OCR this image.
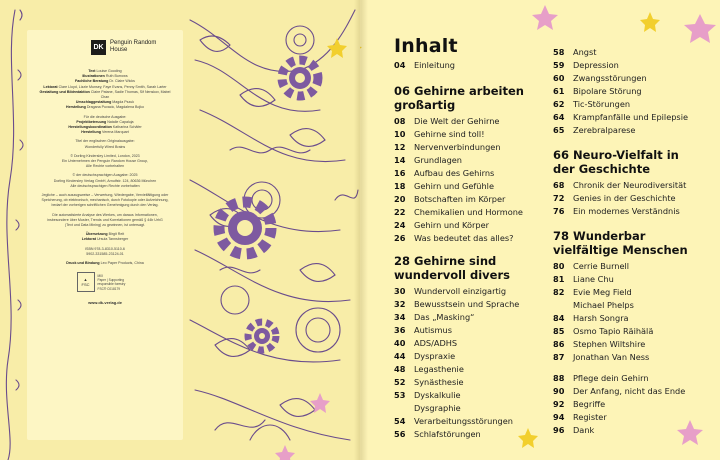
DK
Penguin Random House
Text Louise Gooding
Illustrationen Ruth Burrows
Fachliche Beratung Dr. Claire Wicks
Lektorat Clare Lloyd, Lizzie Munsey, Faye Evans, Penny Smith, Sarah Larter
Gestaltung und Bildredaktion Claire Patane, Sadie Thomas, Sif Nenskov, Mabel Chan
Umschlaggestaltung Magda Pszuk
Herstellung Dragana Puvacic, Magdalena Bojko
Für die deutsche Ausgabe:
Projektbetreuung Natalie Capaluja
Herstellungskoordination Katharina Schäfer
Herstellung Verena Marquart
Titel der englischen Originalausgabe:
Wonderfully Wired Brains
© Dorling Kindersley Limited, London, 2023
Ein Unternehmen der Penguin Random House Group,
Alle Rechte vorbehalten
© der deutschsprachigen Ausgabe: 2025
Dorling Kindersley Verlag GmbH, Arnulfstr. 124, 80636 München
Alle deutschsprachigen Rechte vorbehalten
Jegliche – auch auszugsweise – Verwertung, Wiedergabe, Vervielfältigung oder
Speicherung, ob elektronisch, mechanisch, durch Fotokopie oder Aufzeichnung,
bedarf der vorherigen schriftlichen Genehmigung durch den Verlag.
Die automatisierte Analyse des Werkes, um daraus Informationen,
insbesondere über Muster, Trends und Korrelationen gemäß § 44b UrhG
(Text und Data Mining) zu gewinnen, ist untersagt.
Übersetzung Birgit Reit
Lektorat Ursula Tannsberger
ISBN 978-3-8310-5110-6
5902-331585-23124-01
Druck und Bindung Leo Paper Products, China
▲
FSC
MIX
Paper | Supporting responsible forestry
FSC® C018179
www.dk-verlag.de
Inhalt
04	Einleitung
06 Gehirne arbeiten
großartig
08	Die Welt der Gehirne
10	Gehirne sind toll!
12	Nervenverbindungen
14	Grundlagen
16	Aufbau des Gehirns
18	Gehirn und Gefühle
20	Botschaften im Körper
22	Chemikalien und Hormone
24	Gehirn und Körper
26	Was bedeutet das alles?
28 Gehirne sind
wundervoll divers
30	Wundervoll einzigartig
32	Bewusstsein und Sprache
34	Das „Masking“
36	Autismus
40	ADS/ADHS
44	Dyspraxie
48	Legasthenie
52	Synästhesie
53	Dyskalkulie
Dysgraphie
54	Verarbeitungsstörungen
56	Schlafstörungen
58	Angst
59	Depression
60	Zwangsstörungen
61	Bipolare Störung
62	Tic-Störungen
64	Krampfanfälle und Epilepsie
65	Zerebralparese
66 Neuro-Vielfalt in
der Geschichte
68	Chronik der Neurodiversität
72	Genies in der Geschichte
76	Ein modernes Verständnis
78 Wunderbar
vielfältige Menschen
80	Cerrie Burnell
81	Liane Chu
82	Evie Meg Field
Michael Phelps
84	Harsh Songra
85	Osmo Tapio Räihälä
86	Stephen Wiltshire
87	Jonathan Van Ness
88	Pflege dein Gehirn
90	Der Anfang, nicht das Ende
92	Begriffe
94	Register
96	Dank
